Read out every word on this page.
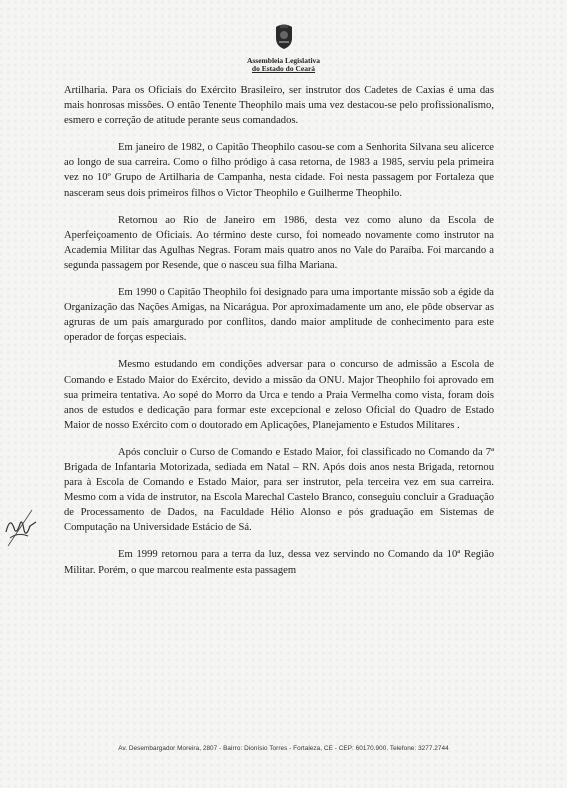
Assembleia Legislativa
do Estado do Ceará

Artilharia. Para os Oficiais do Exército Brasileiro, ser instrutor dos Cadetes de Caxias é uma das mais honrosas missões. O então Tenente Theophilo mais uma vez destacou-se pelo profissionalismo, esmero e correção de atitude perante seus comandados.

Em janeiro de 1982, o Capitão Theophilo casou-se com a Senhorita Silvana seu alicerce ao longo de sua carreira. Como o filho pródigo à casa retorna, de 1983 a 1985, serviu pela primeira vez no 10º Grupo de Artilharia de Campanha, nesta cidade. Foi nesta passagem por Fortaleza que nasceram seus dois primeiros filhos o Victor Theophilo e Guilherme Theophilo.

Retornou ao Rio de Janeiro em 1986, desta vez como aluno da Escola de Aperfeiçoamento de Oficiais. Ao término deste curso, foi nomeado novamente como instrutor na Academia Militar das Agulhas Negras. Foram mais quatro anos no Vale do Paraíba. Foi marcando a segunda passagem por Resende, que o nasceu sua filha Mariana.

Em 1990 o Capitão Theophilo foi designado para uma importante missão sob a égide da Organização das Nações Amigas, na Nicarágua. Por aproximadamente um ano, ele pôde observar as agruras de um país amargurado por conflitos, dando maior amplitude de conhecimento para este operador de forças especiais.

Mesmo estudando em condições adversar para o concurso de admissão a Escola de Comando e Estado Maior do Exército, devido a missão da ONU. Major Theophilo foi aprovado em sua primeira tentativa. Ao sopé do Morro da Urca e tendo a Praia Vermelha como vista, foram dois anos de estudos e dedicação para formar este excepcional e zeloso Oficial do Quadro de Estado Maior de nosso Exército com o doutorado em Aplicações, Planejamento e Estudos Militares .

Após concluir o Curso de Comando e Estado Maior, foi classificado no Comando da 7ª Brigada de Infantaria Motorizada, sediada em Natal – RN. Após dois anos nesta Brigada, retornou para à Escola de Comando e Estado Maior, para ser instrutor, pela terceira vez em sua carreira. Mesmo com a vida de instrutor, na Escola Marechal Castelo Branco, conseguiu concluir a Graduação de Processamento de Dados, na Faculdade Hélio Alonso e pós graduação em Sistemas de Computação na Universidade Estácio de Sá.

Em 1999 retornou para a terra da luz, dessa vez servindo no Comando da 10ª Região Militar. Porém, o que marcou realmente esta passagem

Av. Desembargador Moreira, 2807 - Bairro: Dionísio Torres - Fortaleza, CE - CEP: 60170.900. Telefone: 3277.2744
